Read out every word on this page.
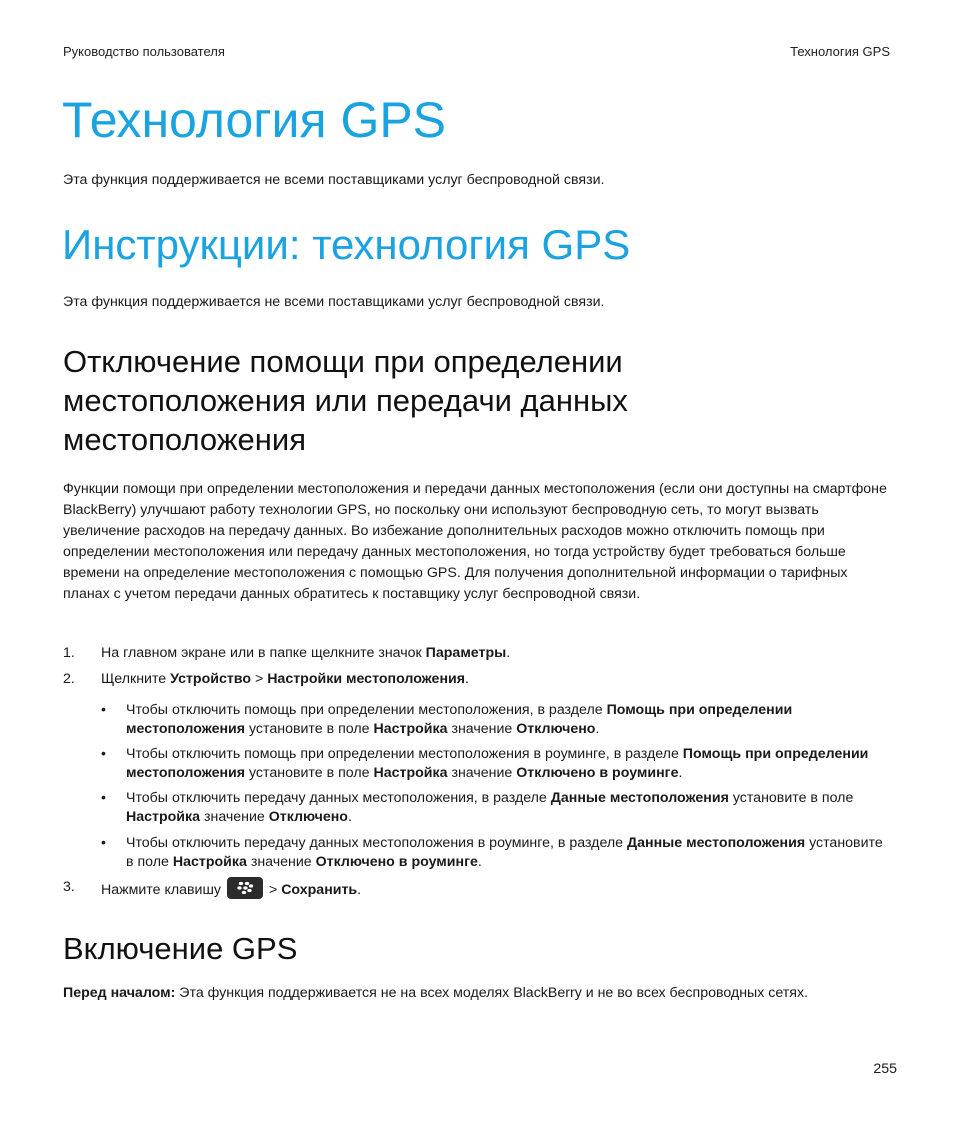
Руководство пользователя	Технология GPS
Технология GPS

Эта функция поддерживается не всеми поставщиками услуг беспроводной связи.

Инструкции: технология GPS

Эта функция поддерживается не всеми поставщиками услуг беспроводной связи.

Отключение помощи при определении местоположения или передачи данных местоположения

Функции помощи при определении местоположения и передачи данных местоположения (если они доступны на смартфоне BlackBerry) улучшают работу технологии GPS, но поскольку они используют беспроводную сеть, то могут вызвать увеличение расходов на передачу данных. Во избежание дополнительных расходов можно отключить помощь при определении местоположения или передачу данных местоположения, но тогда устройству будет требоваться больше времени на определение местоположения с помощью GPS. Для получения дополнительной информации о тарифных планах с учетом передачи данных обратитесь к поставщику услуг беспроводной связи.

1. На главном экране или в папке щелкните значок Параметры.
2. Щелкните Устройство > Настройки местоположения.
• Чтобы отключить помощь при определении местоположения, в разделе Помощь при определении местоположения установите в поле Настройка значение Отключено.
• Чтобы отключить помощь при определении местоположения в роуминге, в разделе Помощь при определении местоположения установите в поле Настройка значение Отключено в роуминге.
• Чтобы отключить передачу данных местоположения, в разделе Данные местоположения установите в поле Настройка значение Отключено.
• Чтобы отключить передачу данных местоположения в роуминге, в разделе Данные местоположения установите в поле Настройка значение Отключено в роуминге.
3. Нажмите клавишу	> Сохранить.
Включение GPS

Перед началом: Эта функция поддерживается не на всех моделях BlackBerry и не во всех беспроводных сетях.

255
